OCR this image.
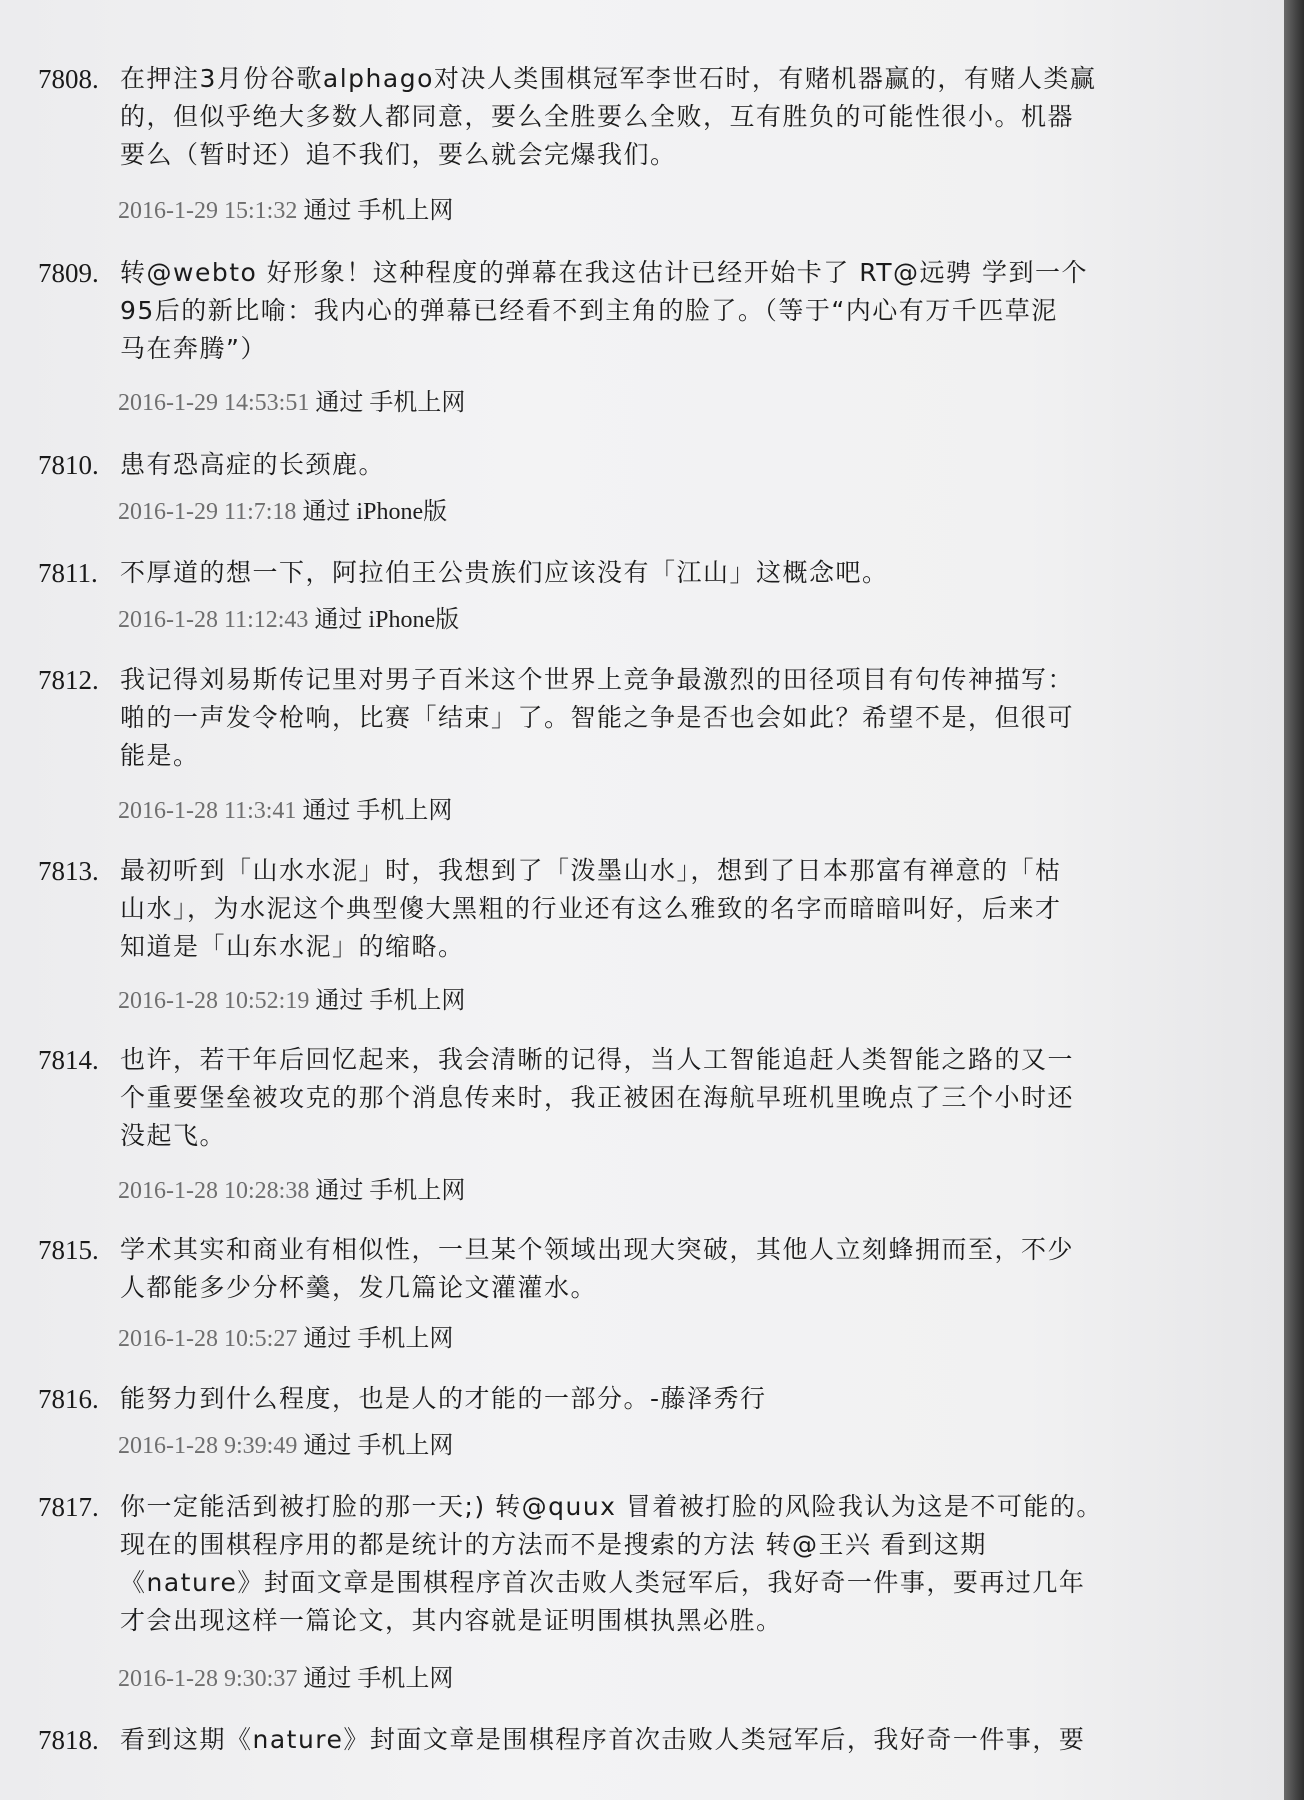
7808. 在押注3月份谷歌alphago对决人类围棋冠军李世石时，有赌机器赢的，有赌人类赢
的，但似乎绝大多数人都同意，要么全胜要么全败，互有胜负的可能性很小。机器
要么（暂时还）追不我们，要么就会完爆我们。

2016-1-29 15:1:32 通过 手机上网

7809. 转@webto 好形象！这种程度的弹幕在我这估计已经开始卡了 RT@远骋 学到一个
95后的新比喻：我内心的弹幕已经看不到主角的脸了。（等于“内心有万千匹草泥
马在奔腾”）

2016-1-29 14:53:51 通过 手机上网

7810. 患有恐高症的长颈鹿。

2016-1-29 11:7:18 通过 iPhone版

7811. 不厚道的想一下，阿拉伯王公贵族们应该没有「江山」这概念吧。

2016-1-28 11:12:43 通过 iPhone版

7812. 我记得刘易斯传记里对男子百米这个世界上竞争最激烈的田径项目有句传神描写：
啪的一声发令枪响，比赛「结束」了。智能之争是否也会如此？希望不是，但很可
能是。

2016-1-28 11:3:41 通过 手机上网

7813. 最初听到「山水水泥」时，我想到了「泼墨山水」，想到了日本那富有禅意的「枯
山水」，为水泥这个典型傻大黑粗的行业还有这么雅致的名字而暗暗叫好，后来才
知道是「山东水泥」的缩略。

2016-1-28 10:52:19 通过 手机上网

7814. 也许，若干年后回忆起来，我会清晰的记得，当人工智能追赶人类智能之路的又一
个重要堡垒被攻克的那个消息传来时，我正被困在海航早班机里晚点了三个小时还
没起飞。

2016-1-28 10:28:38 通过 手机上网

7815. 学术其实和商业有相似性，一旦某个领域出现大突破，其他人立刻蜂拥而至，不少
人都能多少分杯羹，发几篇论文灌灌水。

2016-1-28 10:5:27 通过 手机上网

7816. 能努力到什么程度，也是人的才能的一部分。-藤泽秀行

2016-1-28 9:39:49 通过 手机上网

7817. 你一定能活到被打脸的那一天;) 转@quux 冒着被打脸的风险我认为这是不可能的。
现在的围棋程序用的都是统计的方法而不是搜索的方法 转@王兴 看到这期
《nature》封面文章是围棋程序首次击败人类冠军后，我好奇一件事，要再过几年
才会出现这样一篇论文，其内容就是证明围棋执黑必胜。

2016-1-28 9:30:37 通过 手机上网

7818. 看到这期《nature》封面文章是围棋程序首次击败人类冠军后，我好奇一件事，要
